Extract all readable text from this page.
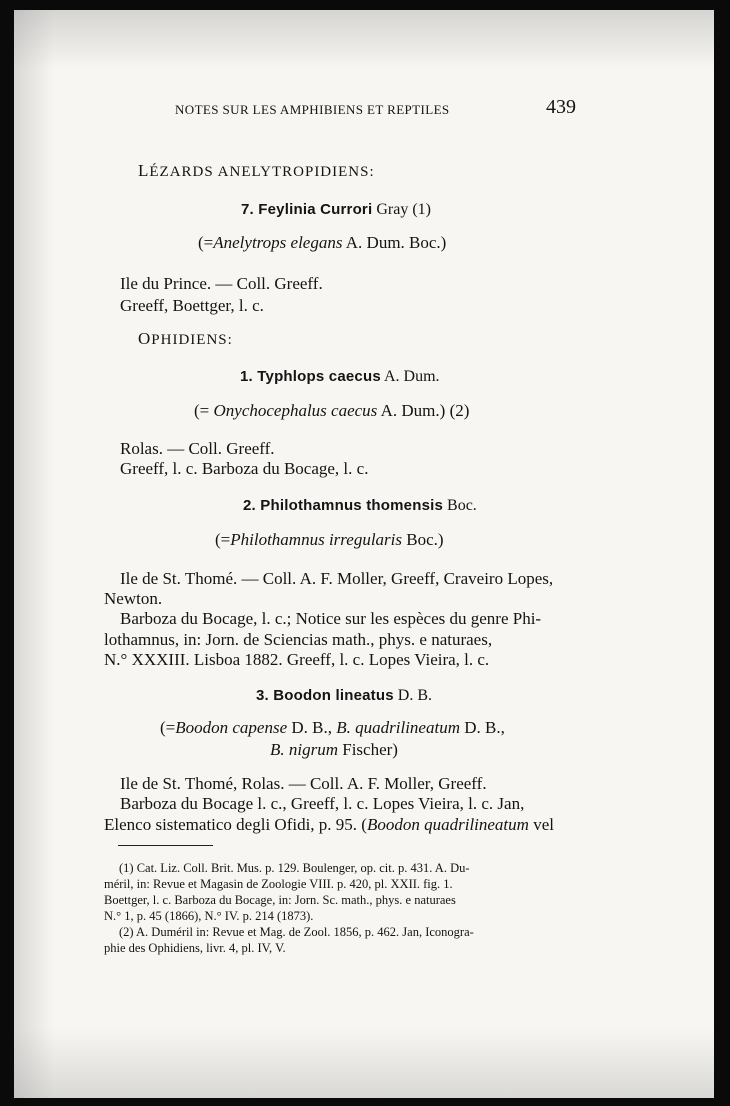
NOTES SUR LES AMPHIBIENS ET REPTILES	439
LÉZARDS ANELYTROPIDIENS:
7. Feylinia Currori Gray (1)
(=Anelytrops elegans A. Dum. Boc.)
Ile du Prince. — Coll. Greeff.
Greeff, Boettger, l. c.
OPHIDIENS:
1. Typhlops caecus A. Dum.
(= Onychocephalus caecus A. Dum.) (2)
Rolas. — Coll. Greeff.
Greeff, l. c. Barboza du Bocage, l. c.
2. Philothamnus thomensis Boc.
(=Philothamnus irregularis Boc.)
Ile de St. Thomé. — Coll. A. F. Moller, Greeff, Craveiro Lopes,
Newton.
Barboza du Bocage, l. c.; Notice sur les espèces du genre Phi-
lothamnus, in: Jorn. de Sciencias math., phys. e naturaes,
N.° XXXIII. Lisboa 1882. Greeff, l. c. Lopes Vieira, l. c.
3. Boodon lineatus D. B.
(=Boodon capense D. B., B. quadrilineatum D. B.,
B. nigrum Fischer)
Ile de St. Thomé, Rolas. — Coll. A. F. Moller, Greeff.
Barboza du Bocage l. c., Greeff, l. c. Lopes Vieira, l. c. Jan,
Elenco sistematico degli Ofidi, p. 95. (Boodon quadrilineatum vel
(1) Cat. Liz. Coll. Brit. Mus. p. 129. Boulenger, op. cit. p. 431. A. Du-
méril, in: Revue et Magasin de Zoologie VIII. p. 420, pl. XXII. fig. 1.
Boettger, l. c. Barboza du Bocage, in: Jorn. Sc. math., phys. e naturaes
N.° 1, p. 45 (1866), N.° IV. p. 214 (1873).
(2) A. Duméril in: Revue et Mag. de Zool. 1856, p. 462. Jan, Iconogra-
phie des Ophidiens, livr. 4, pl. IV, V.
